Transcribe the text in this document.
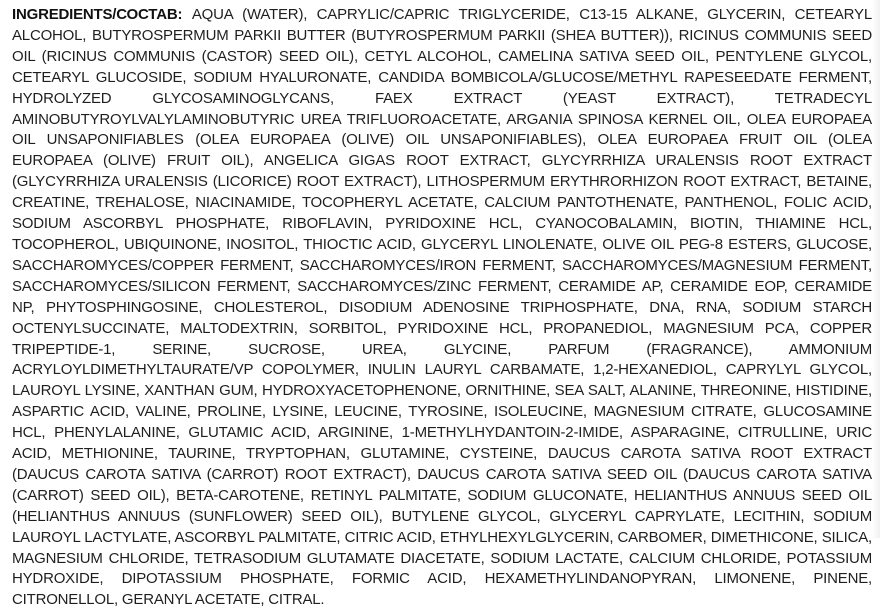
INGREDIENTS/СОСТАВ: AQUA (WATER), CAPRYLIC/CAPRIC TRIGLYCERIDE, C13-15 ALKANE, GLYCERIN, CETEARYL ALCOHOL, BUTYROSPERMUM PARKII BUTTER (BUTYROSPERMUM PARKII (SHEA BUTTER)), RICINUS COMMUNIS SEED OIL (RICINUS COMMUNIS (CASTOR) SEED OIL), CETYL ALCOHOL, CAMELINA SATIVA SEED OIL, PENTYLENE GLYCOL, CETEARYL GLUCOSIDE, SODIUM HYALURONATE, CANDIDA BOMBICOLA/GLUCOSE/METHYL RAPESEEDATE FERMENT, HYDROLYZED GLYCOSAMINOGLYCANS, FAEX EXTRACT (YEAST EXTRACT), TETRADECYL AMINOBUTYROYLVALYLAMINOBUTYRIC UREA TRIFLUOROACETATE, ARGANIA SPINOSA KERNEL OIL, OLEA EUROPAEA OIL UNSAPONIFIABLES (OLEA EUROPAEA (OLIVE) OIL UNSAPONIFIABLES), OLEA EUROPAEA FRUIT OIL (OLEA EUROPAEA (OLIVE) FRUIT OIL), ANGELICA GIGAS ROOT EXTRACT, GLYCYRRHIZA URALENSIS ROOT EXTRACT (GLYCYRRHIZA URALENSIS (LICORICE) ROOT EXTRACT), LITHOSPERMUM ERYTHRORHIZON ROOT EXTRACT, BETAINE, CREATINE, TREHALOSE, NIACINAMIDE, TOCOPHERYL ACETATE, CALCIUM PANTOTHENATE, PANTHENOL, FOLIC ACID, SODIUM ASCORBYL PHOSPHATE, RIBOFLAVIN, PYRIDOXINE HCL, CYANOCOBALAMIN, BIOTIN, THIAMINE HCL, TOCOPHEROL, UBIQUINONE, INOSITOL, THIOCTIC ACID, GLYCERYL LINOLENATE, OLIVE OIL PEG-8 ESTERS, GLUCOSE, SACCHAROMYCES/COPPER FERMENT, SACCHAROMYCES/IRON FERMENT, SACCHAROMYCES/MAGNESIUM FERMENT, SACCHAROMYCES/SILICON FERMENT, SACCHAROMYCES/ZINC FERMENT, CERAMIDE AP, CERAMIDE EOP, CERAMIDE NP, PHYTOSPHINGOSINE, CHOLESTEROL, DISODIUM ADENOSINE TRIPHOSPHATE, DNA, RNA, SODIUM STARCH OCTENYLSUCCINATE, MALTODEXTRIN, SORBITOL, PYRIDOXINE HCL, PROPANEDIOL, MAGNESIUM PCA, COPPER TRIPEPTIDE-1, SERINE, SUCROSE, UREA, GLYCINE, PARFUM (FRAGRANCE), AMMONIUM ACRYLOYLDIMETHYLTAURATE/VP COPOLYMER, INULIN LAURYL CARBAMATE, 1,2-HEXANEDIOL, CAPRYLYL GLYCOL, LAUROYL LYSINE, XANTHAN GUM, HYDROXYACETOPHENONE, ORNITHINE, SEA SALT, ALANINE, THREONINE, HISTIDINE, ASPARTIC ACID, VALINE, PROLINE, LYSINE, LEUCINE, TYROSINE, ISOLEUCINE, MAGNESIUM CITRATE, GLUCOSAMINE HCL, PHENYLALANINE, GLUTAMIC ACID, ARGININE, 1-METHYLHYDANTOIN-2-IMIDE, ASPARAGINE, CITRULLINE, URIC ACID, METHIONINE, TAURINE, TRYPTOPHAN, GLUTAMINE, CYSTEINE, DAUCUS CAROTA SATIVA ROOT EXTRACT (DAUCUS CAROTA SATIVA (CARROT) ROOT EXTRACT), DAUCUS CAROTA SATIVA SEED OIL (DAUCUS CAROTA SATIVA (CARROT) SEED OIL), BETA-CAROTENE, RETINYL PALMITATE, SODIUM GLUCONATE, HELIANTHUS ANNUUS SEED OIL (HELIANTHUS ANNUUS (SUNFLOWER) SEED OIL), BUTYLENE GLYCOL, GLYCERYL CAPRYLATE, LECITHIN, SODIUM LAUROYL LACTYLATE, ASCORBYL PALMITATE, CITRIC ACID, ETHYLHEXYLGLYCERIN, CARBOMER, DIMETHICONE, SILICA, MAGNESIUM CHLORIDE, TETRASODIUM GLUTAMATE DIACETATE, SODIUM LACTATE, CALCIUM CHLORIDE, POTASSIUM HYDROXIDE, DIPOTASSIUM PHOSPHATE, FORMIC ACID, HEXAMETHYLINDANOPYRAN, LIMONENE, PINENE, CITRONELLOL, GERANYL ACETATE, CITRAL.
